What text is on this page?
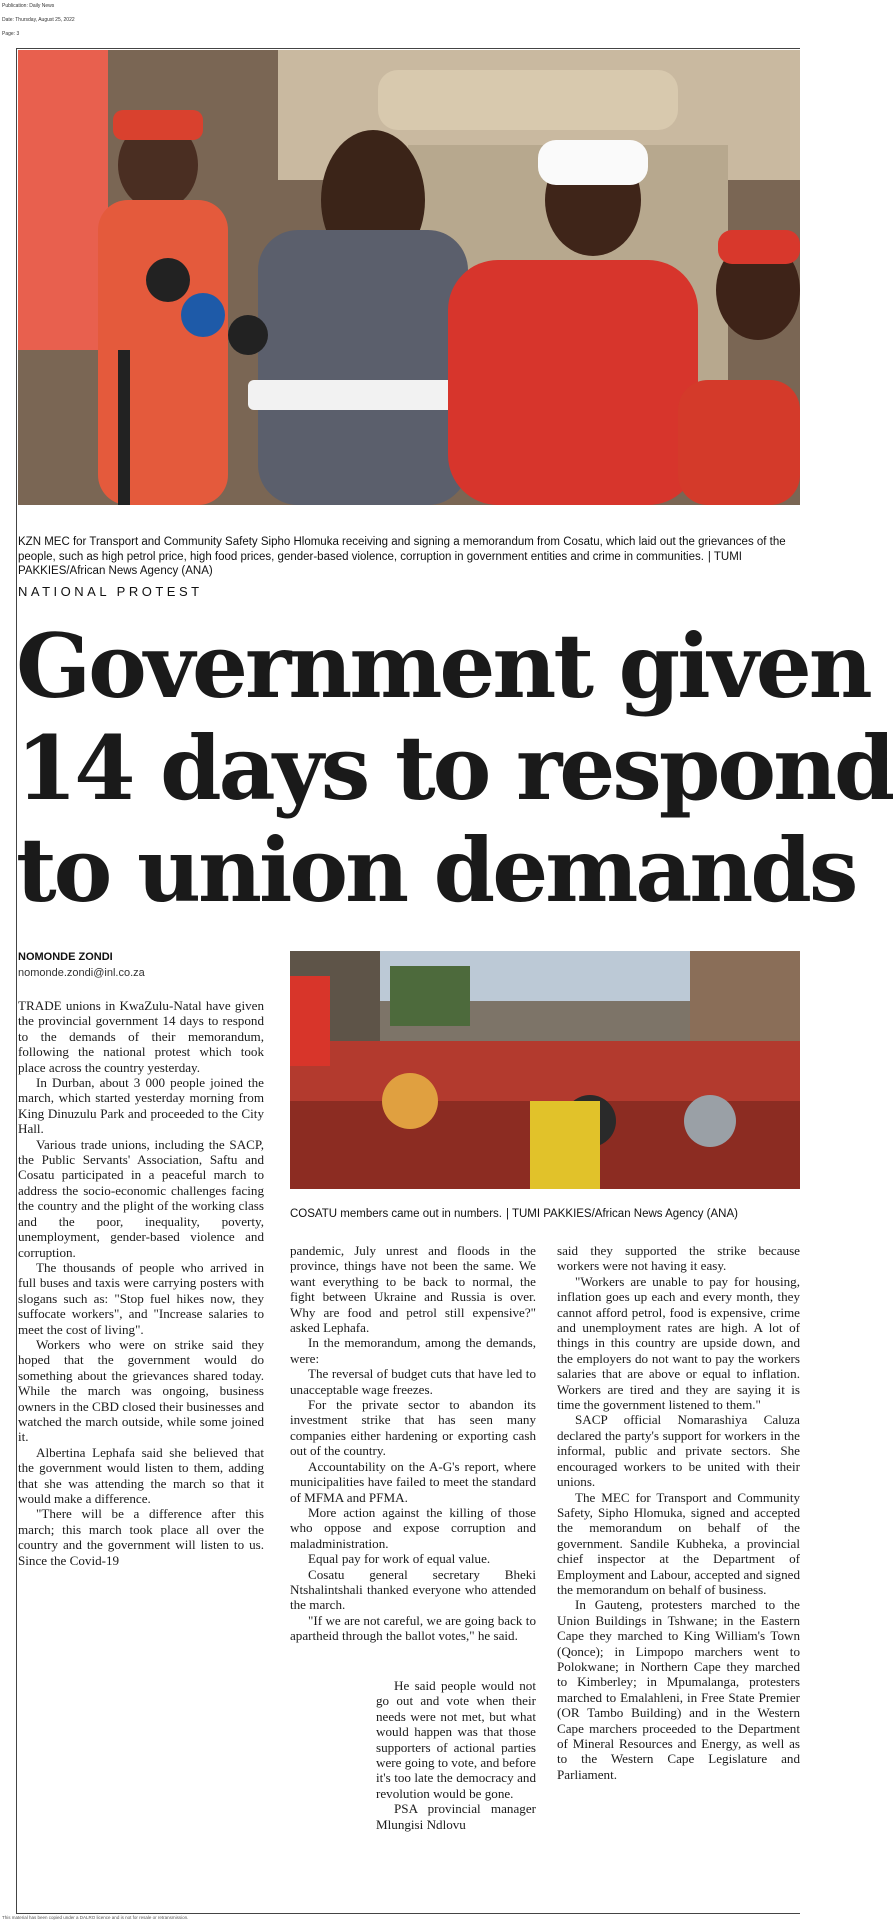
Publication: Daily News
Date: Thursday, August 25, 2022
Page: 3
KZN MEC for Transport and Community Safety Sipho Hlomuka receiving and signing a memorandum from Cosatu, which laid out the grievances of the people, such as high petrol price, high food prices, gender-based violence, corruption in government entities and crime in communities. | TUMI PAKKIES/African News Agency (ANA)
NATIONAL PROTEST
Government given
14 days to respond
to union demands
NOMONDE ZONDI
nomonde.zondi@inl.co.za
COSATU members came out in numbers. | TUMI PAKKIES/African News Agency (ANA)

TRADE unions in KwaZulu-Natal have given the provincial government 14 days to respond to the demands of their memorandum, following the national protest which took place across the country yesterday.

In Durban, about 3 000 people joined the march, which started yesterday morning from King Dinuzulu Park and proceeded to the City Hall.

Various trade unions, including the SACP, the Public Servants' Association, Saftu and Cosatu participated in a peaceful march to address the socio-economic challenges facing the country and the plight of the working class and the poor, inequality, poverty, unemployment, gender-based violence and corruption.

The thousands of people who arrived in full buses and taxis were carrying posters with slogans such as: "Stop fuel hikes now, they suffocate workers", and "Increase salaries to meet the cost of living".

Workers who were on strike said they hoped that the government would do something about the grievances shared today. While the march was ongoing, business owners in the CBD closed their businesses and watched the march outside, while some joined it.

Albertina Lephafa said she believed that the government would listen to them, adding that she was attending the march so that it would make a difference.

"There will be a difference after this march; this march took place all over the country and the government will listen to us. Since the Covid-19

pandemic, July unrest and floods in the province, things have not been the same. We want everything to be back to normal, the fight between Ukraine and Russia is over. Why are food and petrol still expensive?" asked Lephafa.

In the memorandum, among the demands, were:

The reversal of budget cuts that have led to unacceptable wage freezes.

For the private sector to abandon its investment strike that has seen many companies either hardening or exporting cash out of the country.

Accountability on the A-G's report, where municipalities have failed to meet the standard of MFMA and PFMA.

More action against the killing of those who oppose and expose corruption and maladministration.

Equal pay for work of equal value.

Cosatu general secretary Bheki Ntshalintshali thanked everyone who attended the march.

"If we are not careful, we are going back to apartheid through the ballot votes," he said.

He said people would not go out and vote when their needs were not met, but what would happen was that those supporters of actional parties were going to vote, and before it's too late the democracy and revolution would be gone.

PSA provincial manager Mlungisi Ndlovu

said they supported the strike because workers were not having it easy.

"Workers are unable to pay for housing, inflation goes up each and every month, they cannot afford petrol, food is expensive, crime and unemployment rates are high. A lot of things in this country are upside down, and the employers do not want to pay the workers salaries that are above or equal to inflation. Workers are tired and they are saying it is time the government listened to them."

SACP official Nomarashiya Caluza declared the party's support for workers in the informal, public and private sectors. She encouraged workers to be united with their unions.

The MEC for Transport and Community Safety, Sipho Hlomuka, signed and accepted the memorandum on behalf of the government. Sandile Kubheka, a provincial chief inspector at the Department of Employment and Labour, accepted and signed the memorandum on behalf of business.

In Gauteng, protesters marched to the Union Buildings in Tshwane; in the Eastern Cape they marched to King William's Town (Qonce); in Limpopo marchers went to Polokwane; in Northern Cape they marched to Kimberley; in Mpumalanga, protesters marched to Emalahleni, in Free State Premier (OR Tambo Building) and in the Western Cape marchers proceeded to the Department of Mineral Resources and Energy, as well as to the Western Cape Legislature and Parliament.

This material has been copied under a DALRO licence and is not for resale or retransmission.
